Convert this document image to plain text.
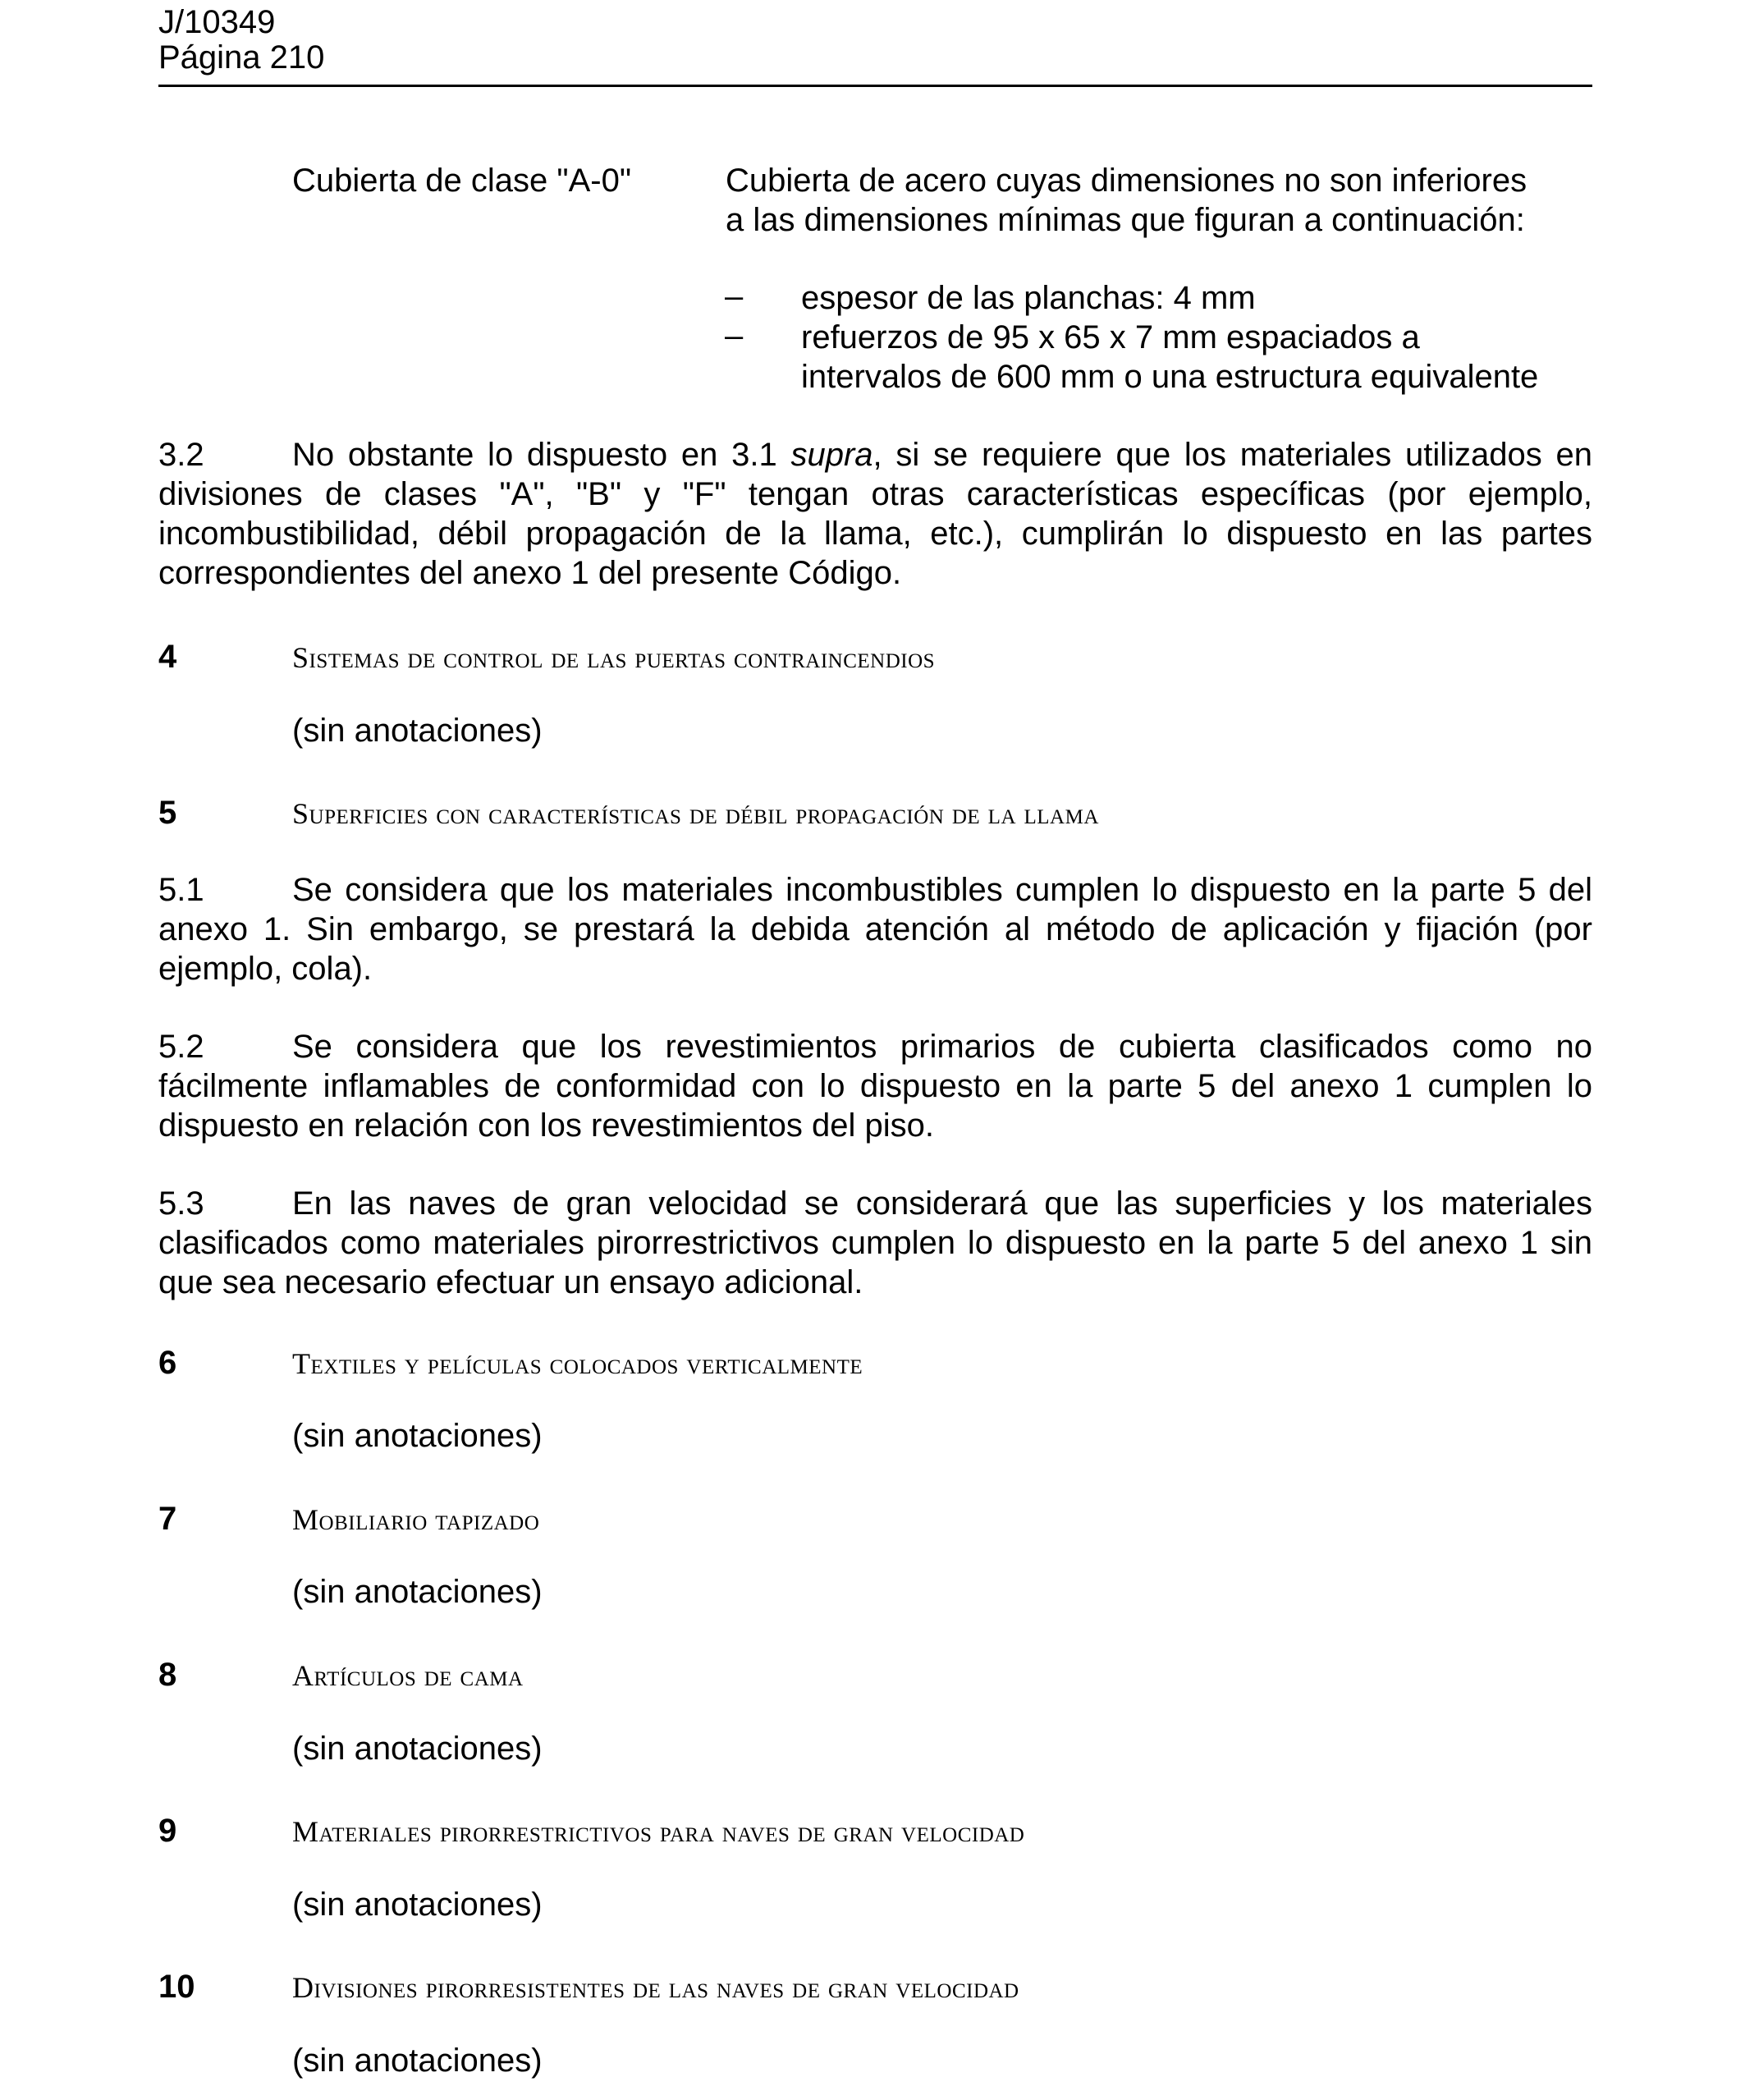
J/10349
Página 210
Cubierta de clase "A-0"	Cubierta de acero cuyas dimensiones no son inferiores
a las dimensiones mínimas que figuran a continuación:
– espesor de las planchas: 4 mm
– refuerzos de 95 x 65 x 7 mm espaciados a
intervalos de 600 mm o una estructura equivalente
3.2	No obstante lo dispuesto en 3.1 supra, si se requiere que los materiales utilizados en divisiones de clases "A", "B" y "F" tengan otras características específicas (por ejemplo, incombustibilidad, débil propagación de la llama, etc.), cumplirán lo dispuesto en las partes correspondientes del anexo 1 del presente Código.
4	Sistemas de control de las puertas contraincendios
(sin anotaciones)
5	Superficies con características de débil propagación de la llama
5.1	Se considera que los materiales incombustibles cumplen lo dispuesto en la parte 5 del anexo 1. Sin embargo, se prestará la debida atención al método de aplicación y fijación (por ejemplo, cola).
5.2	Se considera que los revestimientos primarios de cubierta clasificados como no fácilmente inflamables de conformidad con lo dispuesto en la parte 5 del anexo 1 cumplen lo dispuesto en relación con los revestimientos del piso.
5.3	En las naves de gran velocidad se considerará que las superficies y los materiales clasificados como materiales pirorrestrictivos cumplen lo dispuesto en la parte 5 del anexo 1 sin que sea necesario efectuar un ensayo adicional.
6	Textiles y películas colocados verticalmente
(sin anotaciones)
7	Mobiliario tapizado
(sin anotaciones)
8	Artículos de cama
(sin anotaciones)
9	Materiales pirorrestrictivos para naves de gran velocidad
(sin anotaciones)
10	Divisiones pirorresistentes de las naves de gran velocidad
(sin anotaciones)
